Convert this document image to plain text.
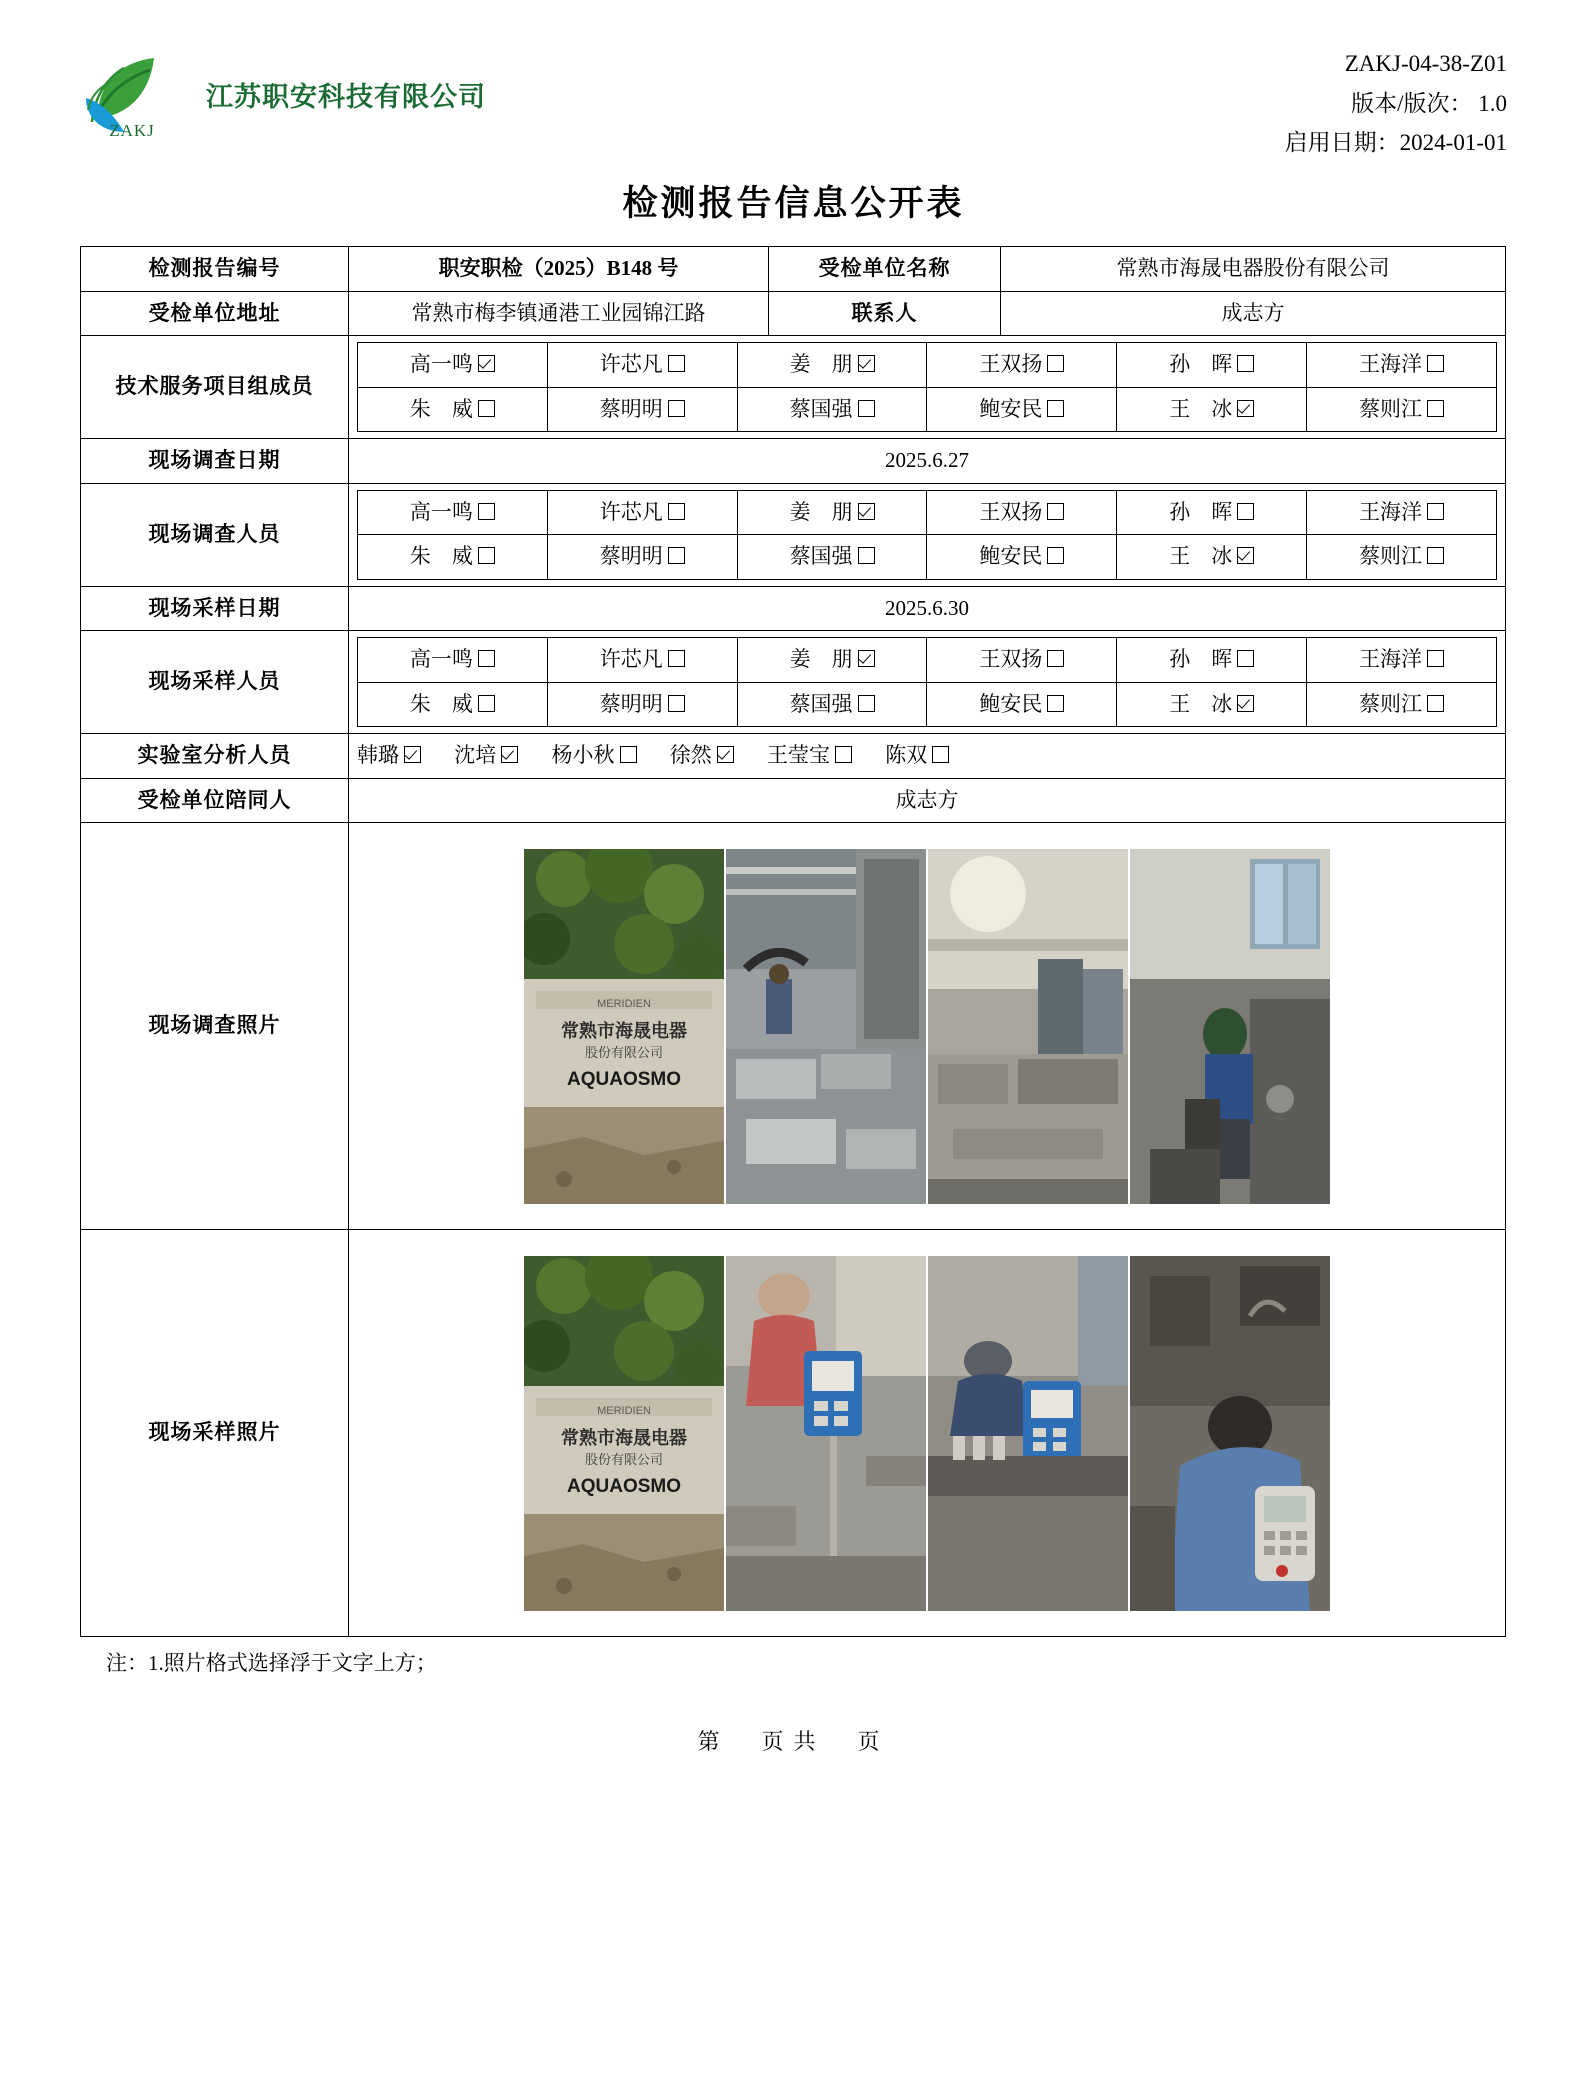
ZAKJ
江苏职安科技有限公司
ZAKJ-04-38-Z01
版本/版次： 1.0
启用日期：2024-01-01
检测报告信息公开表
检测报告编号	职安职检（2025）B148 号	受检单位名称	常熟市海晟电器股份有限公司
受检单位地址	常熟市梅李镇通港工业园锦江路	联系人	成志方
技术服务项目组成员	
高一鸣	许芯凡	姜　朋	王双扬	孙　晖	王海洋
朱　威	蔡明明	蔡国强	鲍安民	王　冰	蔡则江

现场调查日期	2025.6.27
现场调查人员	
高一鸣	许芯凡	姜　朋	王双扬	孙　晖	王海洋
朱　威	蔡明明	蔡国强	鲍安民	王　冰	蔡则江

现场采样日期	2025.6.30
现场采样人员	
高一鸣	许芯凡	姜　朋	王双扬	孙　晖	王海洋
朱　威	蔡明明	蔡国强	鲍安民	王　冰	蔡则江

实验室分析人员	韩璐	沈培	杨小秋	徐然	王莹宝	陈双
受检单位陪同人	成志方
现场调查照片	
MERIDIEN
常熟市海晟电器
股份有限公司
AQUAOSMO

现场采样照片	
MERIDIEN
常熟市海晟电器
股份有限公司
AQUAOSMO
注：1.照片格式选择浮于文字上方；
第　页共　页
